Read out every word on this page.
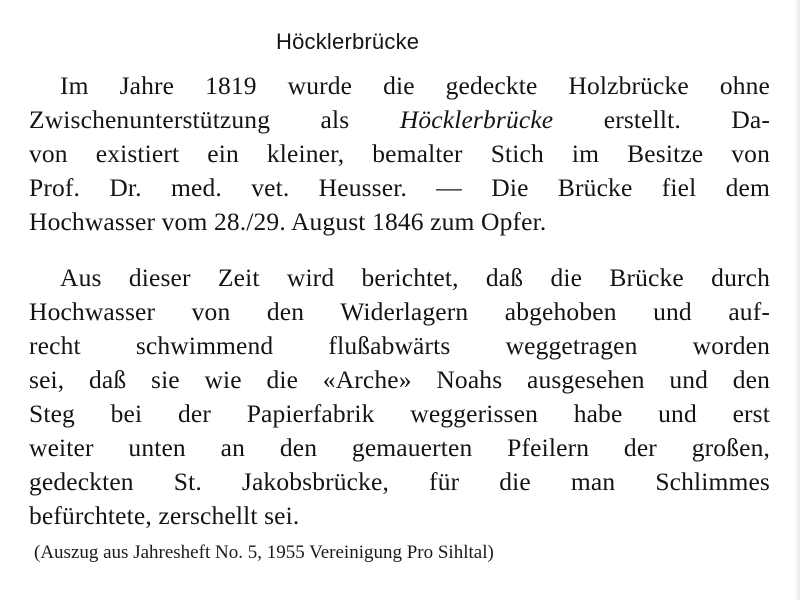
Höcklerbrücke
Im Jahre 1819 wurde die gedeckte Holzbrücke ohne
Zwischenunterstützung als Höcklerbrücke erstellt. Da-
von existiert ein kleiner, bemalter Stich im Besitze von
Prof. Dr. med. vet. Heusser. — Die Brücke fiel dem
Hochwasser vom 28./29. August 1846 zum Opfer.
Aus dieser Zeit wird berichtet, daß die Brücke durch
Hochwasser von den Widerlagern abgehoben und auf-
recht schwimmend flußabwärts weggetragen worden
sei, daß sie wie die «Arche» Noahs ausgesehen und den
Steg bei der Papierfabrik weggerissen habe und erst
weiter unten an den gemauerten Pfeilern der großen,
gedeckten St. Jakobsbrücke, für die man Schlimmes
befürchtete, zerschellt sei.
(Auszug aus Jahresheft No. 5, 1955 Vereinigung Pro Sihltal)
